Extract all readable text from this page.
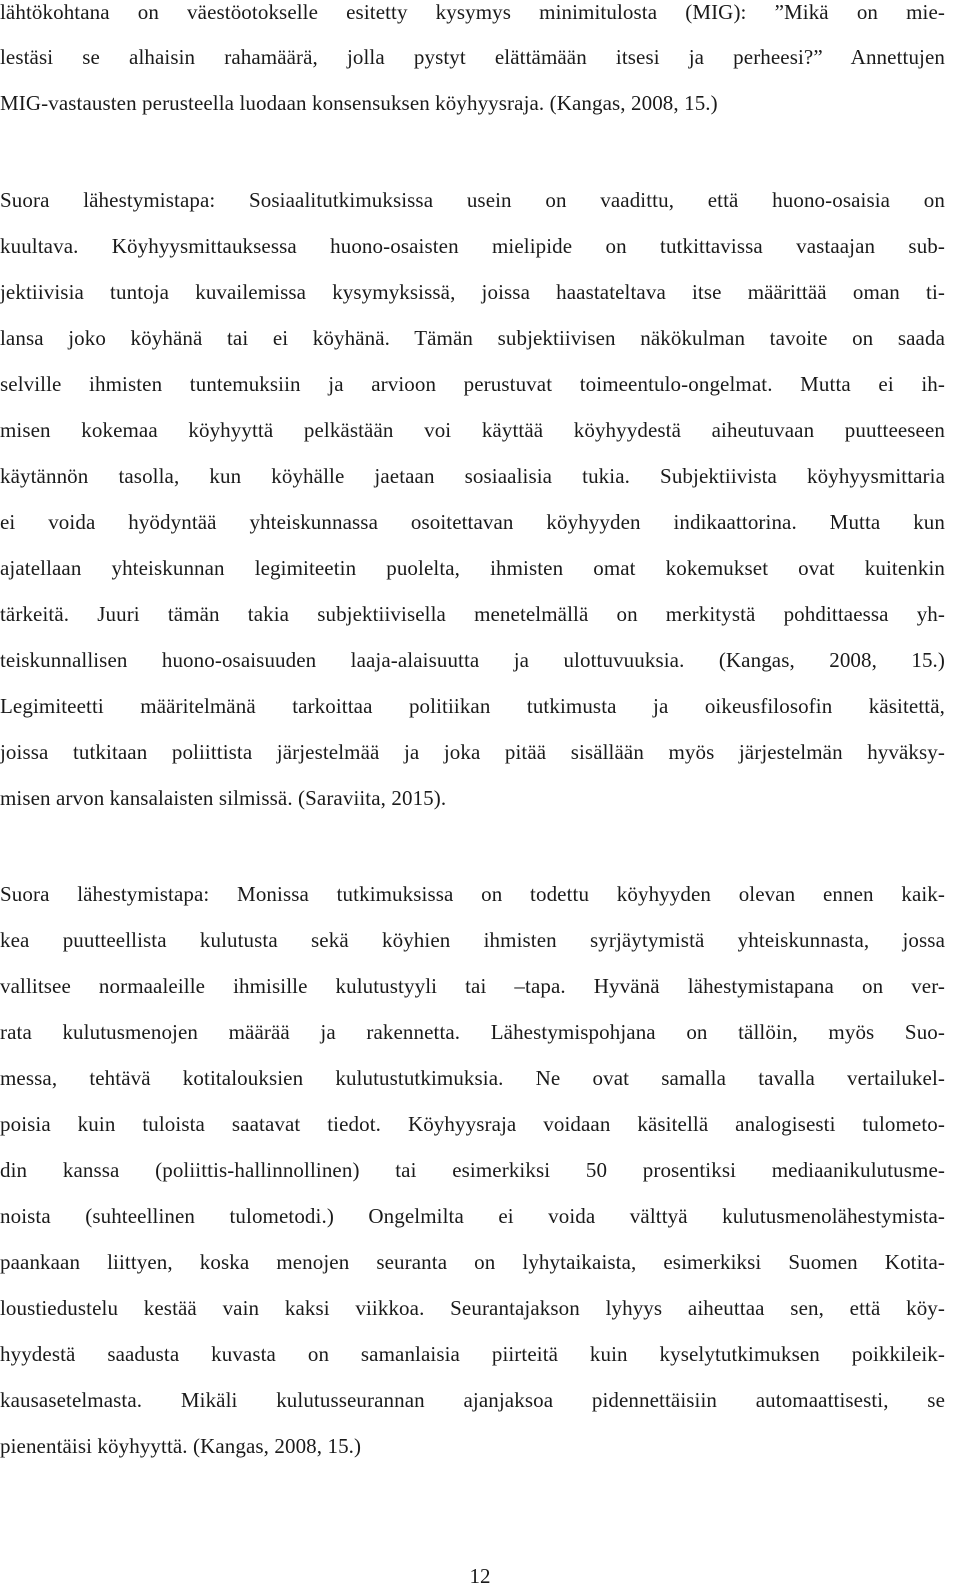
lähtökohtana on väestöotokselle esitetty kysymys minimitulosta (MIG): ”Mikä on mie-
lestäsi se alhaisin rahamäärä, jolla pystyt elättämään itsesi ja perheesi?” Annettujen
MIG-vastausten perusteella luodaan konsensuksen köyhyysraja. (Kangas, 2008, 15.)
Suora lähestymistapa: Sosiaalitutkimuksissa usein on vaadittu, että huono-osaisia on
kuultava. Köyhyysmittauksessa huono-osaisten mielipide on tutkittavissa vastaajan sub-
jektiivisia tuntoja kuvailemissa kysymyksissä, joissa haastateltava itse määrittää oman ti-
lansa joko köyhänä tai ei köyhänä. Tämän subjektiivisen näkökulman tavoite on saada
selville ihmisten tuntemuksiin ja arvioon perustuvat toimeentulo-ongelmat. Mutta ei ih-
misen kokemaa köyhyyttä pelkästään voi käyttää köyhyydestä aiheutuvaan puutteeseen
käytännön tasolla, kun köyhälle jaetaan sosiaalisia tukia. Subjektiivista köyhyysmittaria
ei voida hyödyntää yhteiskunnassa osoitettavan köyhyyden indikaattorina. Mutta kun
ajatellaan yhteiskunnan legimiteetin puolelta, ihmisten omat kokemukset ovat kuitenkin
tärkeitä. Juuri tämän takia subjektiivisella menetelmällä on merkitystä pohdittaessa yh-
teiskunnallisen huono-osaisuuden laaja-alaisuutta ja ulottuvuuksia. (Kangas, 2008, 15.)
Legimiteetti määritelmänä tarkoittaa politiikan tutkimusta ja oikeusfilosofin käsitettä,
joissa tutkitaan poliittista järjestelmää ja joka pitää sisällään myös järjestelmän hyväksy-
misen arvon kansalaisten silmissä. (Saraviita, 2015).
Suora lähestymistapa: Monissa tutkimuksissa on todettu köyhyyden olevan ennen kaik-
kea puutteellista kulutusta sekä köyhien ihmisten syrjäytymistä yhteiskunnasta, jossa
vallitsee normaaleille ihmisille kulutustyyli tai –tapa. Hyvänä lähestymistapana on ver-
rata kulutusmenojen määrää ja rakennetta. Lähestymispohjana on tällöin, myös Suo-
messa, tehtävä kotitalouksien kulutustutkimuksia. Ne ovat samalla tavalla vertailukel-
poisia kuin tuloista saatavat tiedot. Köyhyysraja voidaan käsitellä analogisesti tulometo-
din kanssa (poliittis-hallinnollinen) tai esimerkiksi 50 prosentiksi mediaanikulutusme-
noista (suhteellinen tulometodi.) Ongelmilta ei voida välttyä kulutusmenolähestymista-
paankaan liittyen, koska menojen seuranta on lyhytaikaista, esimerkiksi Suomen Kotita-
loustiedustelu kestää vain kaksi viikkoa. Seurantajakson lyhyys aiheuttaa sen, että köy-
hyydestä saadusta kuvasta on samanlaisia piirteitä kuin kyselytutkimuksen poikkileik-
kausasetelmasta. Mikäli kulutusseurannan ajanjaksoa pidennettäisiin automaattisesti, se
pienentäisi köyhyyttä. (Kangas, 2008, 15.)
12
